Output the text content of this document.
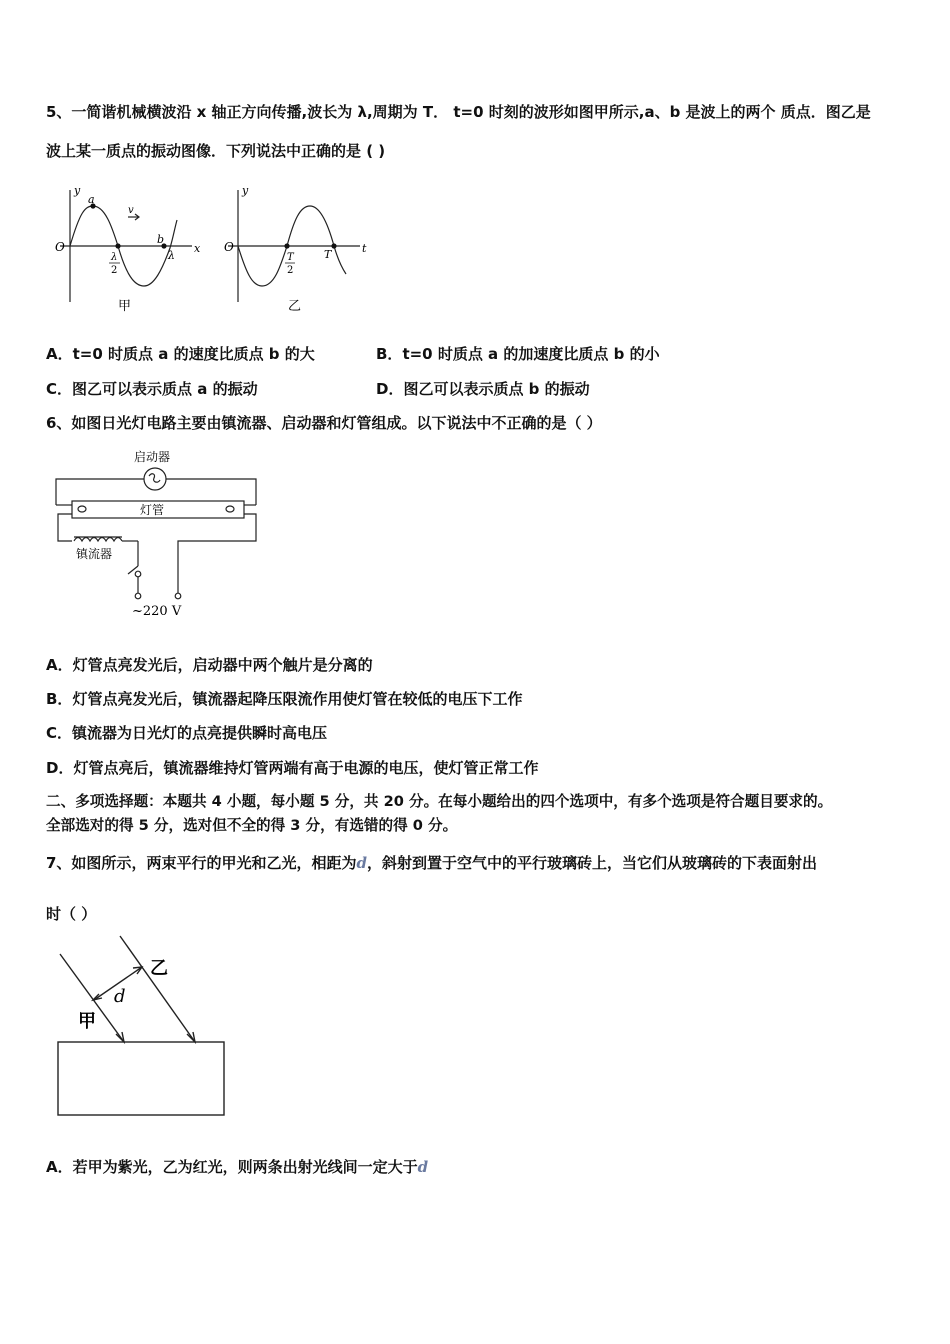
5、一简谐机械横波沿 x 轴正方向传播,波长为 λ,周期为 T． t=0 时刻的波形如图甲所示,a、b 是波上的两个 质点．图乙是
波上某一质点的振动图像．下列说法中正确的是 ( )
y
x
O
a
b
v
λ
2
λ
甲
y
t
O
T
2
T
乙
A．t=0 时质点 a 的速度比质点 b 的大	B．t=0 时质点 a 的加速度比质点 b 的小
C．图乙可以表示质点 a 的振动	D．图乙可以表示质点 b 的振动
6、如图日光灯电路主要由镇流器、启动器和灯管组成。以下说法中不正确的是（ ）
启动器
灯管
镇流器
~220 V
A．灯管点亮发光后，启动器中两个触片是分离的
B．灯管点亮发光后，镇流器起降压限流作用使灯管在较低的电压下工作
C．镇流器为日光灯的点亮提供瞬时高电压
D．灯管点亮后，镇流器维持灯管两端有高于电源的电压，使灯管正常工作
二、多项选择题：本题共 4 小题，每小题 5 分，共 20 分。在每小题给出的四个选项中，有多个选项是符合题目要求的。
全部选对的得 5 分，选对但不全的得 3 分，有选错的得 0 分。
7、如图所示，两束平行的甲光和乙光，相距为d，斜射到置于空气中的平行玻璃砖上，当它们从玻璃砖的下表面射出
时（ ）
乙
d
甲
A．若甲为紫光，乙为红光，则两条出射光线间一定大于d
